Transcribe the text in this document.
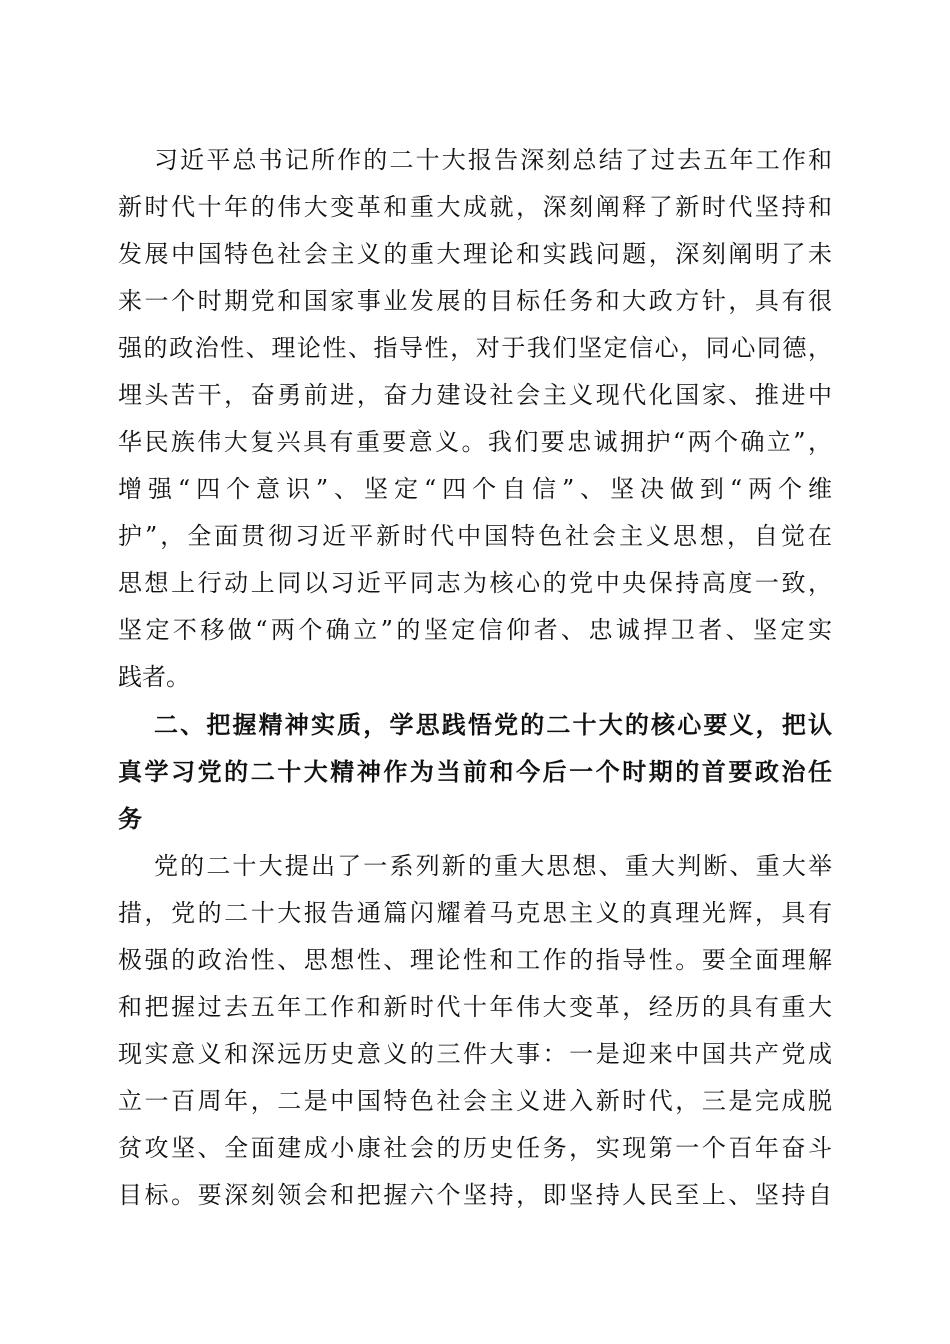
习近平总书记所作的二十大报告深刻总结了过去五年工作和

新时代十年的伟大变革和重大成就，深刻阐释了新时代坚持和

发展中国特色社会主义的重大理论和实践问题，深刻阐明了未

来一个时期党和国家事业发展的目标任务和大政方针，具有很

强的政治性、理论性、指导性，对于我们坚定信心，同心同德，

埋头苦干，奋勇前进，奋力建设社会主义现代化国家、推进中

华民族伟大复兴具有重要意义。我们要忠诚拥护“两个确立”，

增强“四个意识”、坚定“四个自信”、坚决做到“两个维

护”，全面贯彻习近平新时代中国特色社会主义思想，自觉在

思想上行动上同以习近平同志为核心的党中央保持高度一致，

坚定不移做“两个确立”的坚定信仰者、忠诚捍卫者、坚定实

践者。

二、把握精神实质，学思践悟党的二十大的核心要义，把认

真学习党的二十大精神作为当前和今后一个时期的首要政治任

务

党的二十大提出了一系列新的重大思想、重大判断、重大举

措，党的二十大报告通篇闪耀着马克思主义的真理光辉，具有

极强的政治性、思想性、理论性和工作的指导性。要全面理解

和把握过去五年工作和新时代十年伟大变革，经历的具有重大

现实意义和深远历史意义的三件大事：一是迎来中国共产党成

立一百周年，二是中国特色社会主义进入新时代，三是完成脱

贫攻坚、全面建成小康社会的历史任务，实现第一个百年奋斗

目标。要深刻领会和把握六个坚持，即坚持人民至上、坚持自
